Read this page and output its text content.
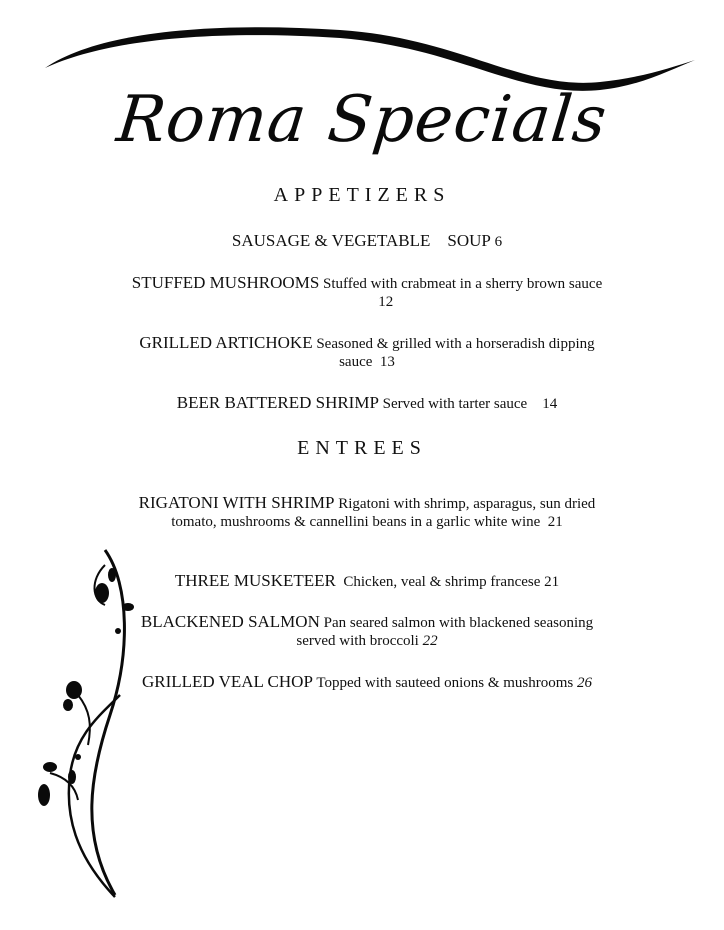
Roma Specials
APPETIZERS

SAUSAGE & VEGETABLE    SOUP 6

STUFFED MUSHROOMS Stuffed with crabmeat in a sherry brown sauce           12

GRILLED ARTICHOKE Seasoned & grilled with a horseradish dipping sauce 13

BEER BATTERED SHRIMP Served with tarter sauce 14

ENTREES

RIGATONI WITH SHRIMP Rigatoni with shrimp, asparagus, sun dried tomato, mushrooms & cannellini beans in a garlic white wine 21

THREE MUSKETEER Chicken, veal & shrimp francese 21

BLACKENED SALMON Pan seared salmon with blackened seasoning served with broccoli 22

GRILLED VEAL CHOP Topped with sauteed onions & mushrooms 26
